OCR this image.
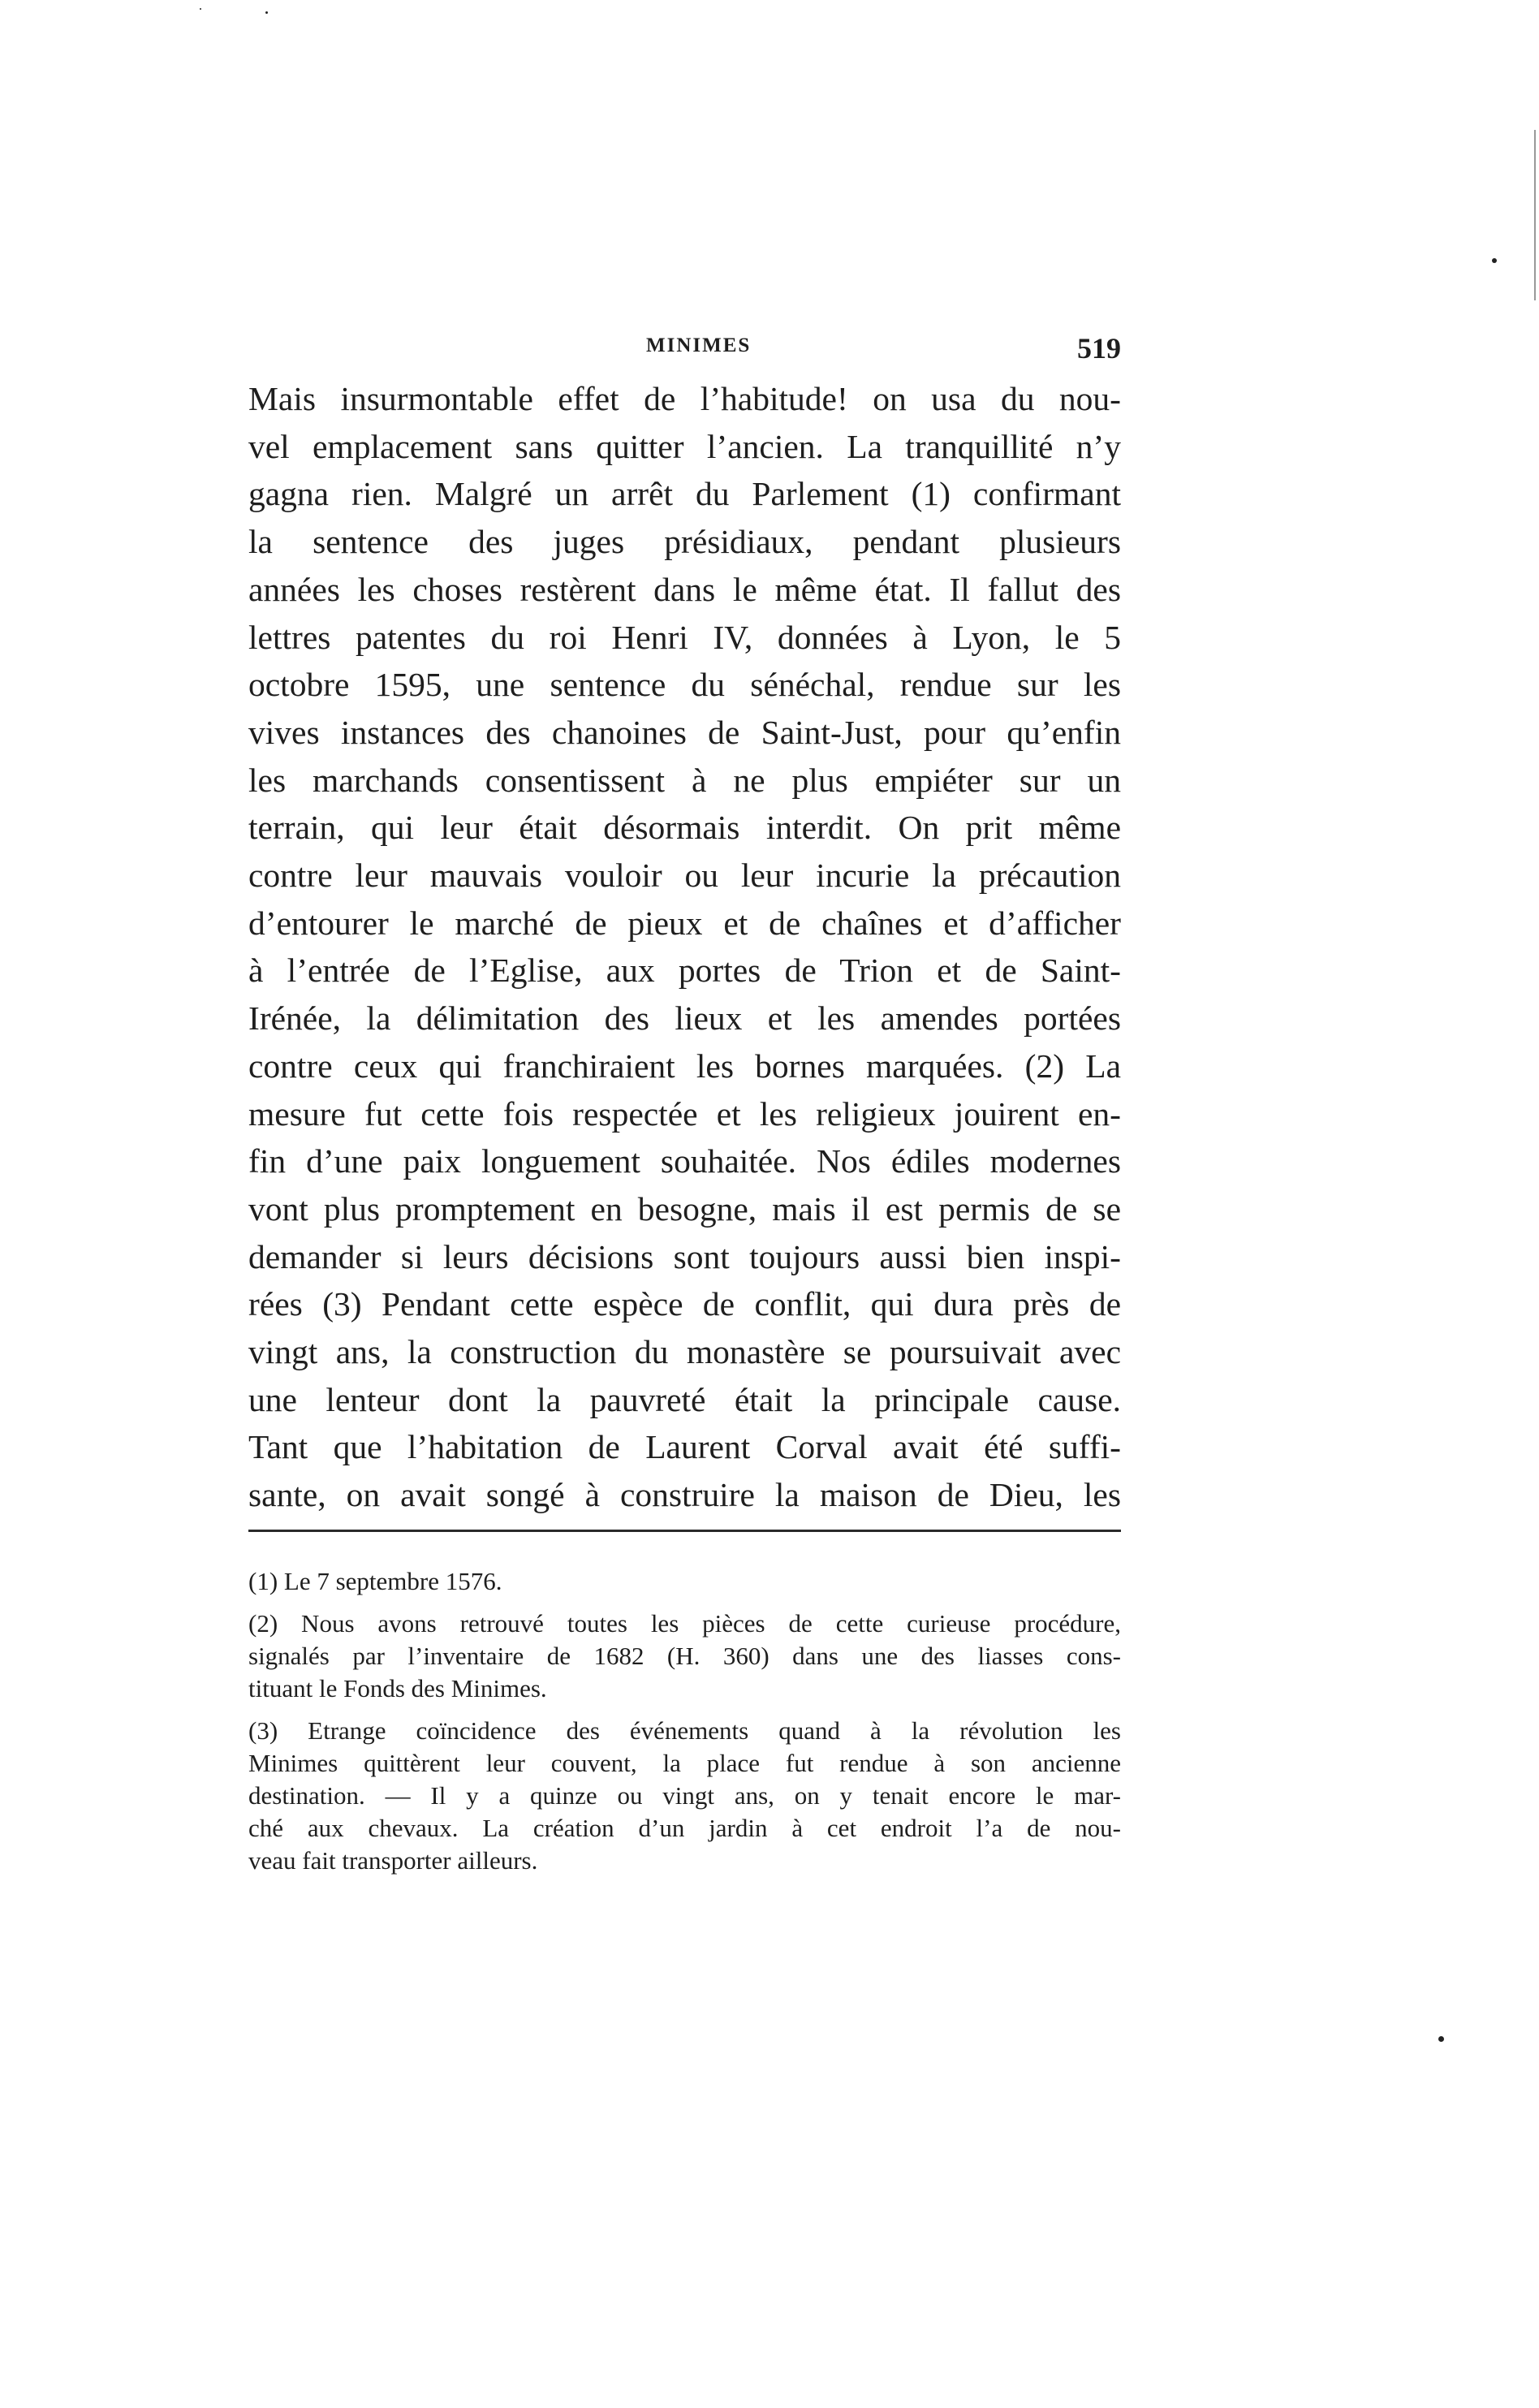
MINIMES	519
Mais insurmontable effet de l’habitude! on usa du nou-
vel emplacement sans quitter l’ancien. La tranquillité n’y
gagna rien. Malgré un arrêt du Parlement (1) confirmant
la sentence des juges présidiaux, pendant plusieurs
années les choses restèrent dans le même état. Il fallut des
lettres patentes du roi Henri IV, données à Lyon, le 5
octobre 1595, une sentence du sénéchal, rendue sur les
vives instances des chanoines de Saint-Just, pour qu’enfin
les marchands consentissent à ne plus empiéter sur un
terrain, qui leur était désormais interdit. On prit même
contre leur mauvais vouloir ou leur incurie la précaution
d’entourer le marché de pieux et de chaînes et d’afficher
à l’entrée de l’Eglise, aux portes de Trion et de Saint-
Irénée, la délimitation des lieux et les amendes portées
contre ceux qui franchiraient les bornes marquées. (2) La
mesure fut cette fois respectée et les religieux jouirent en-
fin d’une paix longuement souhaitée. Nos édiles modernes
vont plus promptement en besogne, mais il est permis de se
demander si leurs décisions sont toujours aussi bien inspi-
rées (3) Pendant cette espèce de conflit, qui dura près de
vingt ans, la construction du monastère se poursuivait avec
une lenteur dont la pauvreté était la principale cause.
Tant que l’habitation de Laurent Corval avait été suffi-
sante, on avait songé à construire la maison de Dieu, les
(1) Le 7 septembre 1576.
(2) Nous avons retrouvé toutes les pièces de cette curieuse procédure,
signalés par l’inventaire de 1682 (H. 360) dans une des liasses cons-
tituant le Fonds des Minimes.
(3) Etrange coïncidence des événements quand à la révolution les
Minimes quittèrent leur couvent, la place fut rendue à son ancienne
destination. — Il y a quinze ou vingt ans, on y tenait encore le mar-
ché aux chevaux. La création d’un jardin à cet endroit l’a de nou-
veau fait transporter ailleurs.
